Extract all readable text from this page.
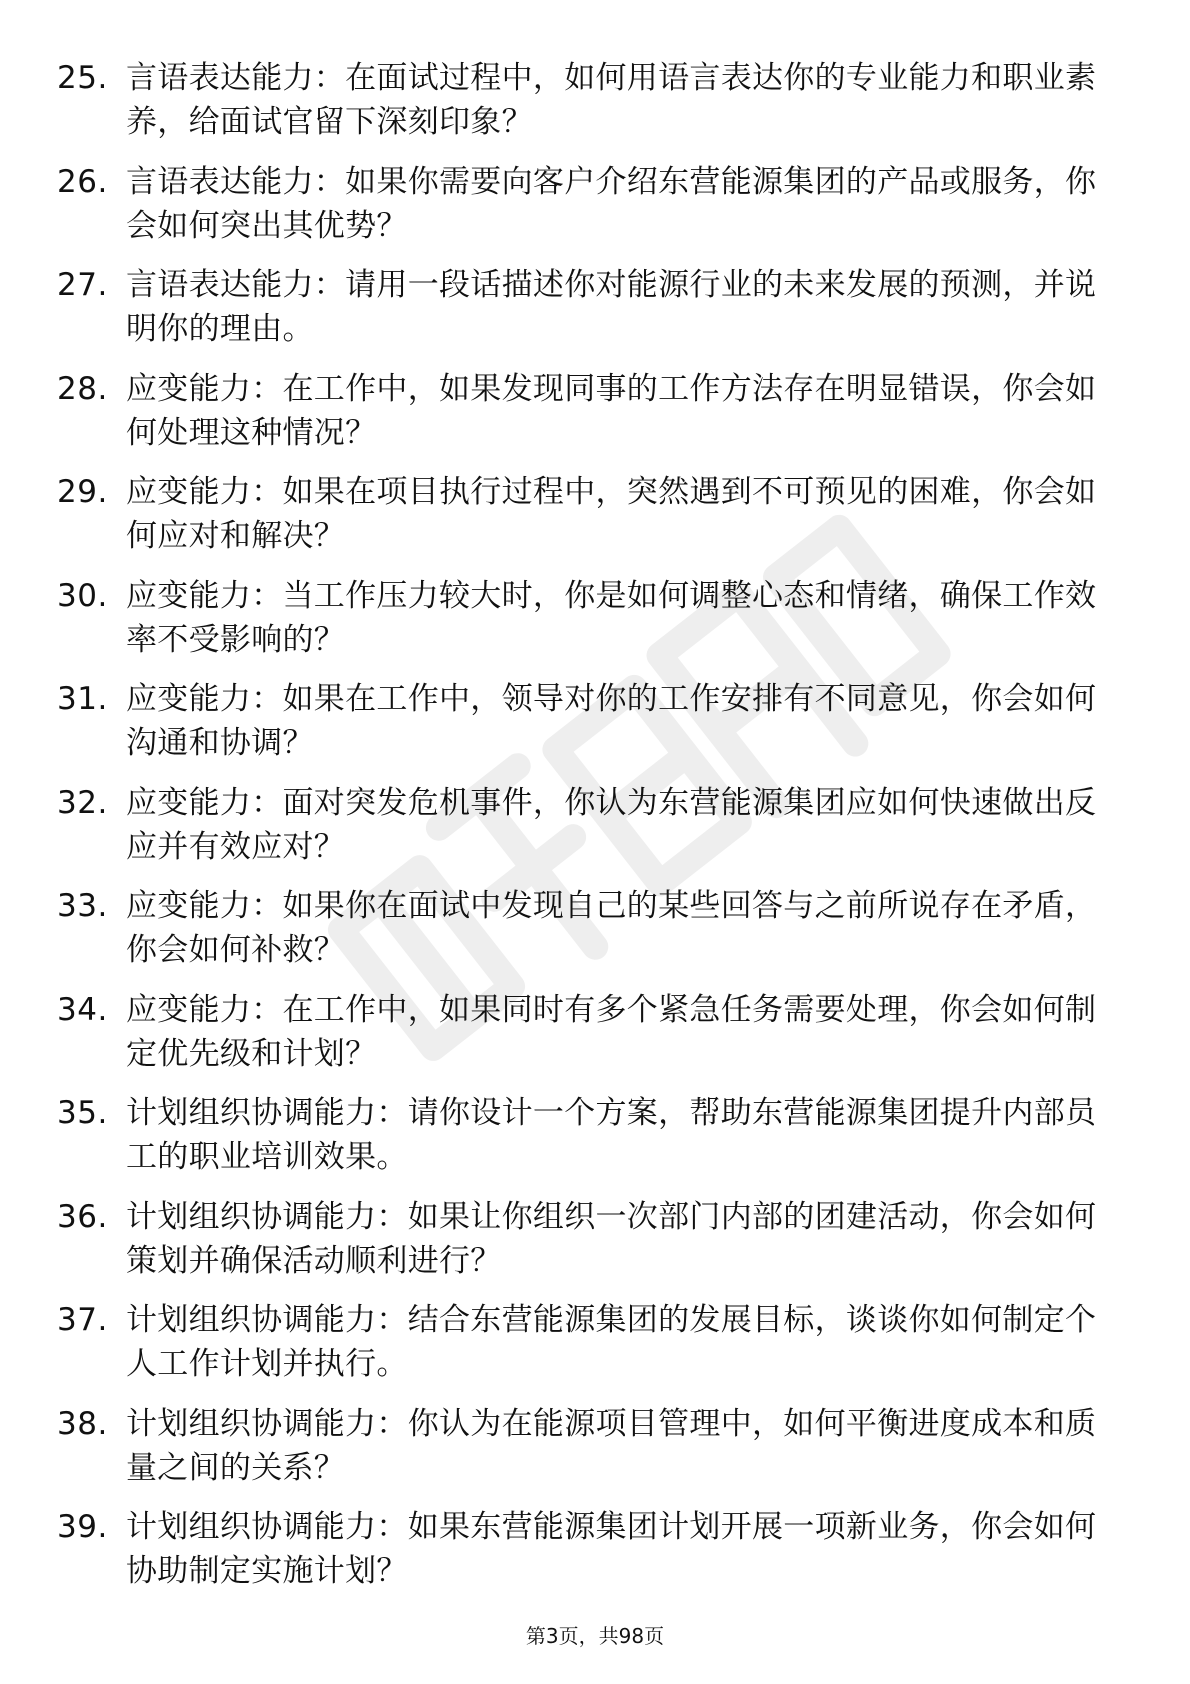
25. 言语表达能力：在面试过程中，如何用语言表达你的专业能力和职业素养，给面试官留下深刻印象？
26. 言语表达能力：如果你需要向客户介绍东营能源集团的产品或服务，你会如何突出其优势？
27. 言语表达能力：请用一段话描述你对能源行业的未来发展的预测，并说明你的理由。
28. 应变能力：在工作中，如果发现同事的工作方法存在明显错误，你会如何处理这种情况？
29. 应变能力：如果在项目执行过程中，突然遇到不可预见的困难，你会如何应对和解决？
30. 应变能力：当工作压力较大时，你是如何调整心态和情绪，确保工作效率不受影响的？
31. 应变能力：如果在工作中，领导对你的工作安排有不同意见，你会如何沟通和协调？
32. 应变能力：面对突发危机事件，你认为东营能源集团应如何快速做出反应并有效应对？
33. 应变能力：如果你在面试中发现自己的某些回答与之前所说存在矛盾，你会如何补救？
34. 应变能力：在工作中，如果同时有多个紧急任务需要处理，你会如何制定优先级和计划？
35. 计划组织协调能力：请你设计一个方案，帮助东营能源集团提升内部员工的职业培训效果。
36. 计划组织协调能力：如果让你组织一次部门内部的团建活动，你会如何策划并确保活动顺利进行？
37. 计划组织协调能力：结合东营能源集团的发展目标，谈谈你如何制定个人工作计划并执行。
38. 计划组织协调能力：你认为在能源项目管理中，如何平衡进度成本和质量之间的关系？
39. 计划组织协调能力：如果东营能源集团计划开展一项新业务，你会如何协助制定实施计划？
第3页，共98页
